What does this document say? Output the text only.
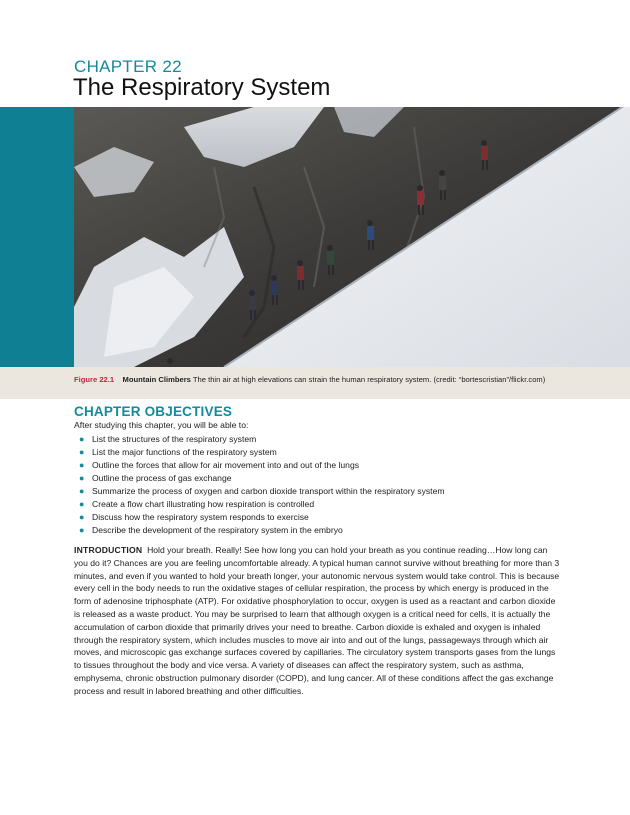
CHAPTER 22
The Respiratory System
Figure 22.1 Mountain Climbers The thin air at high elevations can strain the human respiratory system. (credit: “bortescristian”/flickr.com)
CHAPTER OBJECTIVES
After studying this chapter, you will be able to:
● List the structures of the respiratory system
● List the major functions of the respiratory system
● Outline the forces that allow for air movement into and out of the lungs
● Outline the process of gas exchange
● Summarize the process of oxygen and carbon dioxide transport within the respiratory system
● Create a flow chart illustrating how respiration is controlled
● Discuss how the respiratory system responds to exercise
● Describe the development of the respiratory system in the embryo

INTRODUCTION Hold your breath. Really! See how long you can hold your breath as you continue reading…How long can you do it? Chances are you are feeling uncomfortable already. A typical human cannot survive without breathing for more than 3 minutes, and even if you wanted to hold your breath longer, your autonomic nervous system would take control. This is because every cell in the body needs to run the oxidative stages of cellular respiration, the process by which energy is produced in the form of adenosine triphosphate (ATP). For oxidative phosphorylation to occur, oxygen is used as a reactant and carbon dioxide is released as a waste product. You may be surprised to learn that although oxygen is a critical need for cells, it is actually the accumulation of carbon dioxide that primarily drives your need to breathe. Carbon dioxide is exhaled and oxygen is inhaled through the respiratory system, which includes muscles to move air into and out of the lungs, passageways through which air moves, and microscopic gas exchange surfaces covered by capillaries. The circulatory system transports gases from the lungs to tissues throughout the body and vice versa. A variety of diseases can affect the respiratory system, such as asthma, emphysema, chronic obstruction pulmonary disorder (COPD), and lung cancer. All of these conditions affect the gas exchange process and result in labored breathing and other difficulties.
